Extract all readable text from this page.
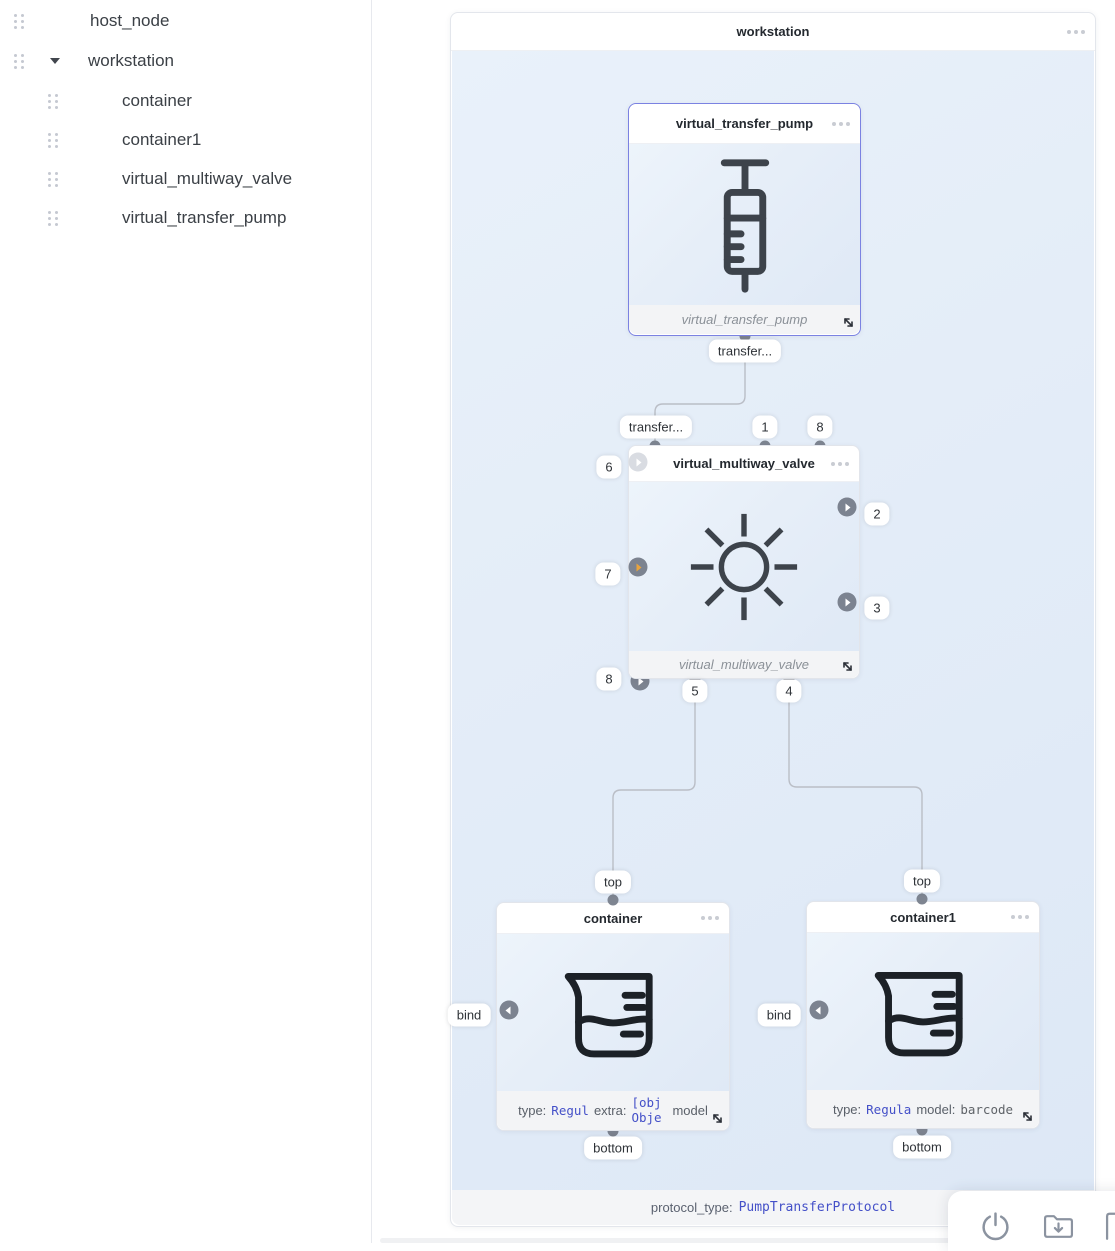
host_node
workstation
container
container1
virtual_multiway_valve
virtual_transfer_pump
workstation
protocol_type: PumpTransferProtocol
virtual_transfer_pump
virtual_transfer_pump
transfer...
virtual_multiway_valve
virtual_multiway_valve
transfer...	1	8
6
7
8
2
3
5	4
container
type: Regul extra:
[obj Obje model
top
bind
bottom
container1
type: Regula model: barcode
top
bind
bottom
